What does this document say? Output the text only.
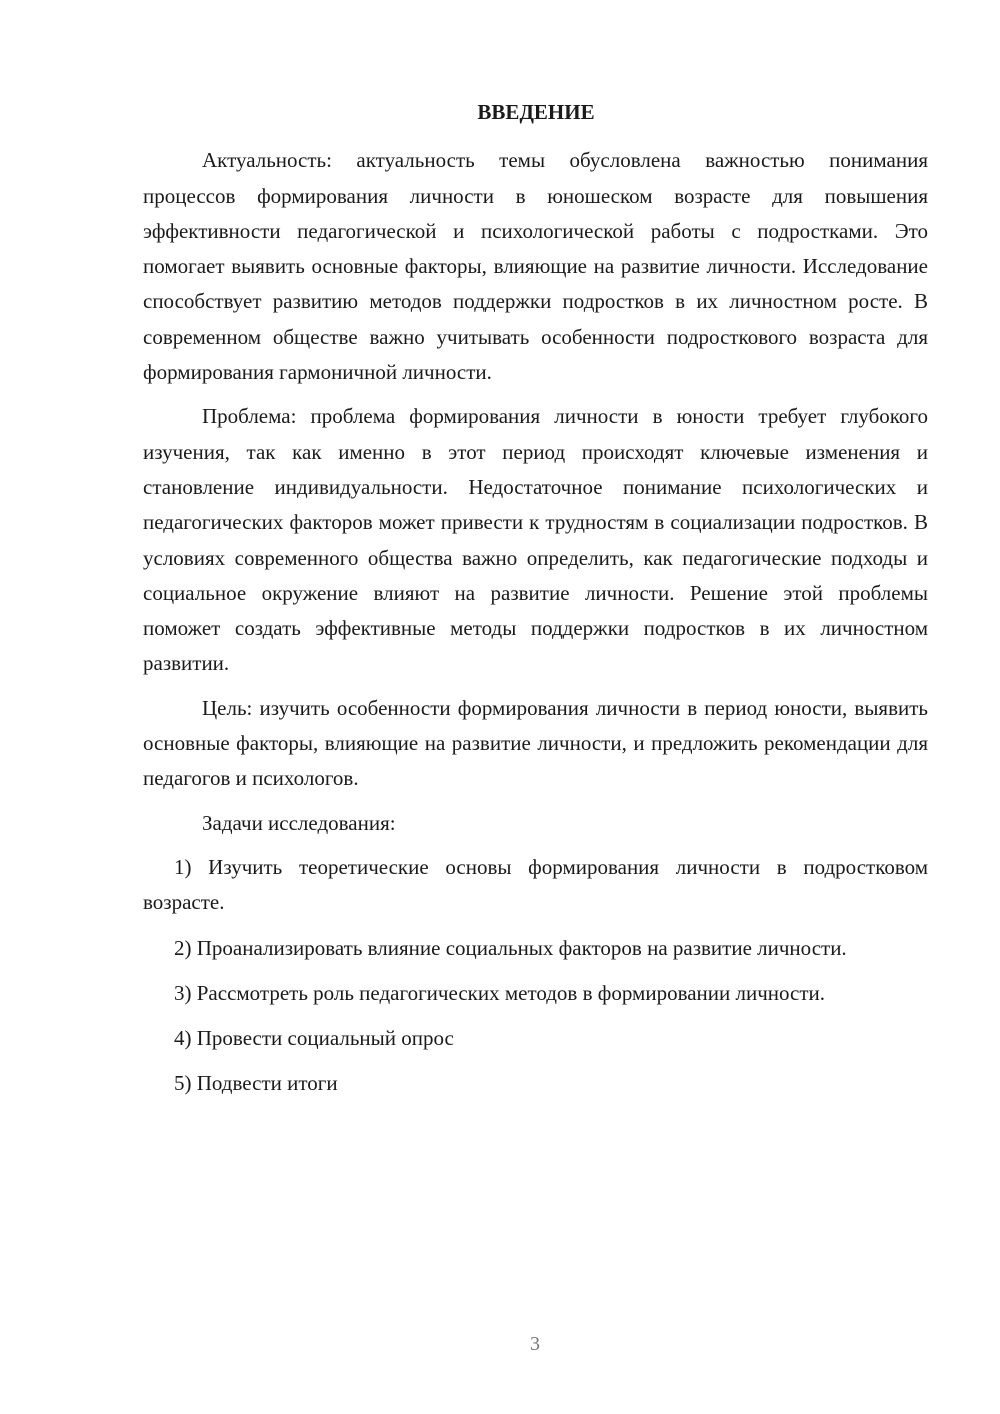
ВВЕДЕНИЕ

Актуальность: актуальность темы обусловлена важностью понимания процессов формирования личности в юношеском возрасте для повышения эффективности педагогической и психологической работы с подростками. Это помогает выявить основные факторы, влияющие на развитие личности. Исследование способствует развитию методов поддержки подростков в их личностном росте. В современном обществе важно учитывать особенности подросткового возраста для формирования гармоничной личности.

Проблема: проблема формирования личности в юности требует глубокого изучения, так как именно в этот период происходят ключевые изменения и становление индивидуальности. Недостаточное понимание психологических и педагогических факторов может привести к трудностям в социализации подростков. В условиях современного общества важно определить, как педагогические подходы и социальное окружение влияют на развитие личности. Решение этой проблемы поможет создать эффективные методы поддержки подростков в их личностном развитии.

Цель: изучить особенности формирования личности в период юности, выявить основные факторы, влияющие на развитие личности, и предложить рекомендации для педагогов и психологов.

Задачи исследования:

1) Изучить теоретические основы формирования личности в подростковом возрасте.

2) Проанализировать влияние социальных факторов на развитие личности.

3) Рассмотреть роль педагогических методов в формировании личности.

4) Провести социальный опрос

5) Подвести итоги

3
